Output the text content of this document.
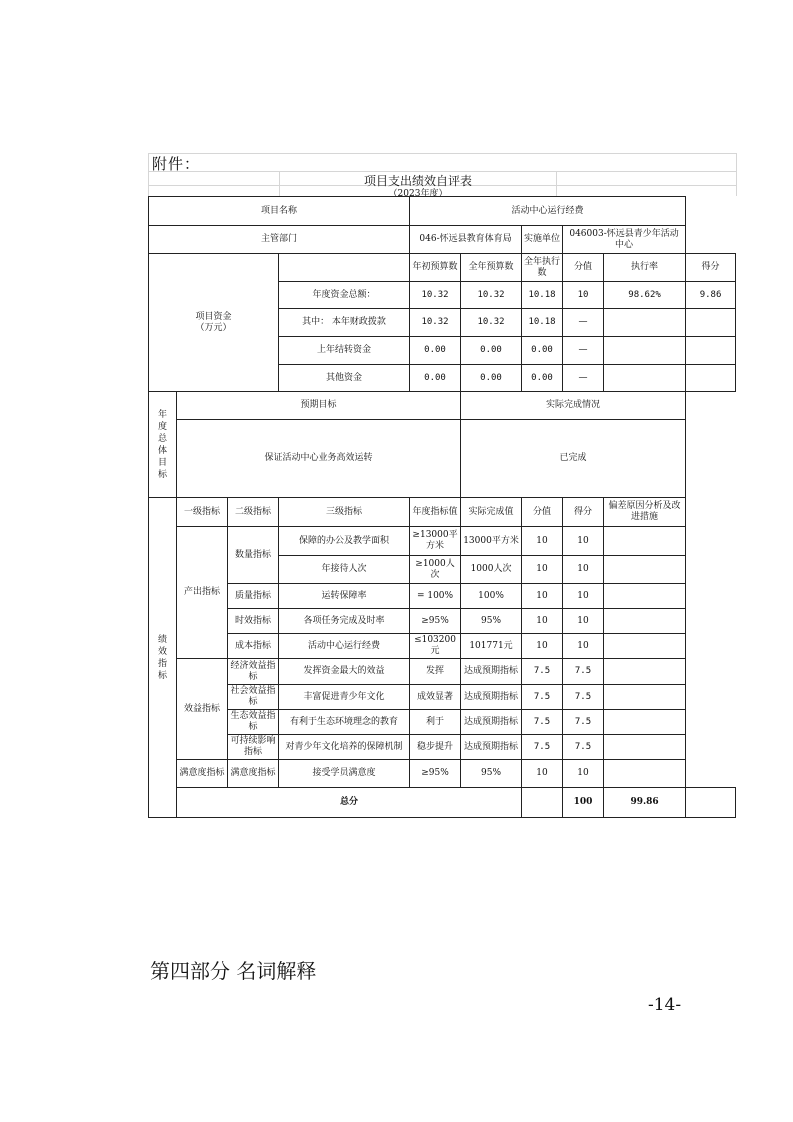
附件：
项目支出绩效自评表
（2023年度）
项目名称				活动中心运行经费					
主管部门				046-怀远县教育体育局		实施单位	046003-怀远县青少年活动中心		
项目资金
（万元）				年初预算数	全年预算数	全年执行数	分值	执行率	得分
			年度资金总额：	10.32	10.32	10.18	10	98.62%	9.86
			其中： 本年财政拨款	10.32	10.32	10.18	—		
			上年结转资金	0.00	0.00	0.00	—		
			其他资金	0.00	0.00	0.00	—		
年度总体目标	预期目标				实际完成情况				
	保证活动中心业务高效运转				已完成				
绩效指标	一级指标	二级指标	三级指标	年度指标值	实际完成值	分值	得分	偏差原因分析及改进措施	
	产出指标	数量指标	保障的办公及教学面积	≥13000平方米	13000平方米	10	10		
			年接待人次	≥1000人次	1000人次	10	10		
		质量指标	运转保障率	= 100%	100%	10	10		
		时效指标	各项任务完成及时率	≥95%	95%	10	10		
		成本指标	活动中心运行经费	≤103200元	101771元	10	10		
	效益指标	经济效益指标	发挥资金最大的效益	发挥	达成预期指标	7.5	7.5		
		社会效益指标	丰富促进青少年文化	成效显著	达成预期指标	7.5	7.5		
		生态效益指标	有利于生态环境理念的教育	利于	达成预期指标	7.5	7.5		
		可持续影响指标	对青少年文化培养的保障机制	稳步提升	达成预期指标	7.5	7.5		
	满意度指标	满意度指标	接受学员满意度	≥95%	95%	10	10		
	总分						100	99.86	
第四部分 名词解释
-14-
